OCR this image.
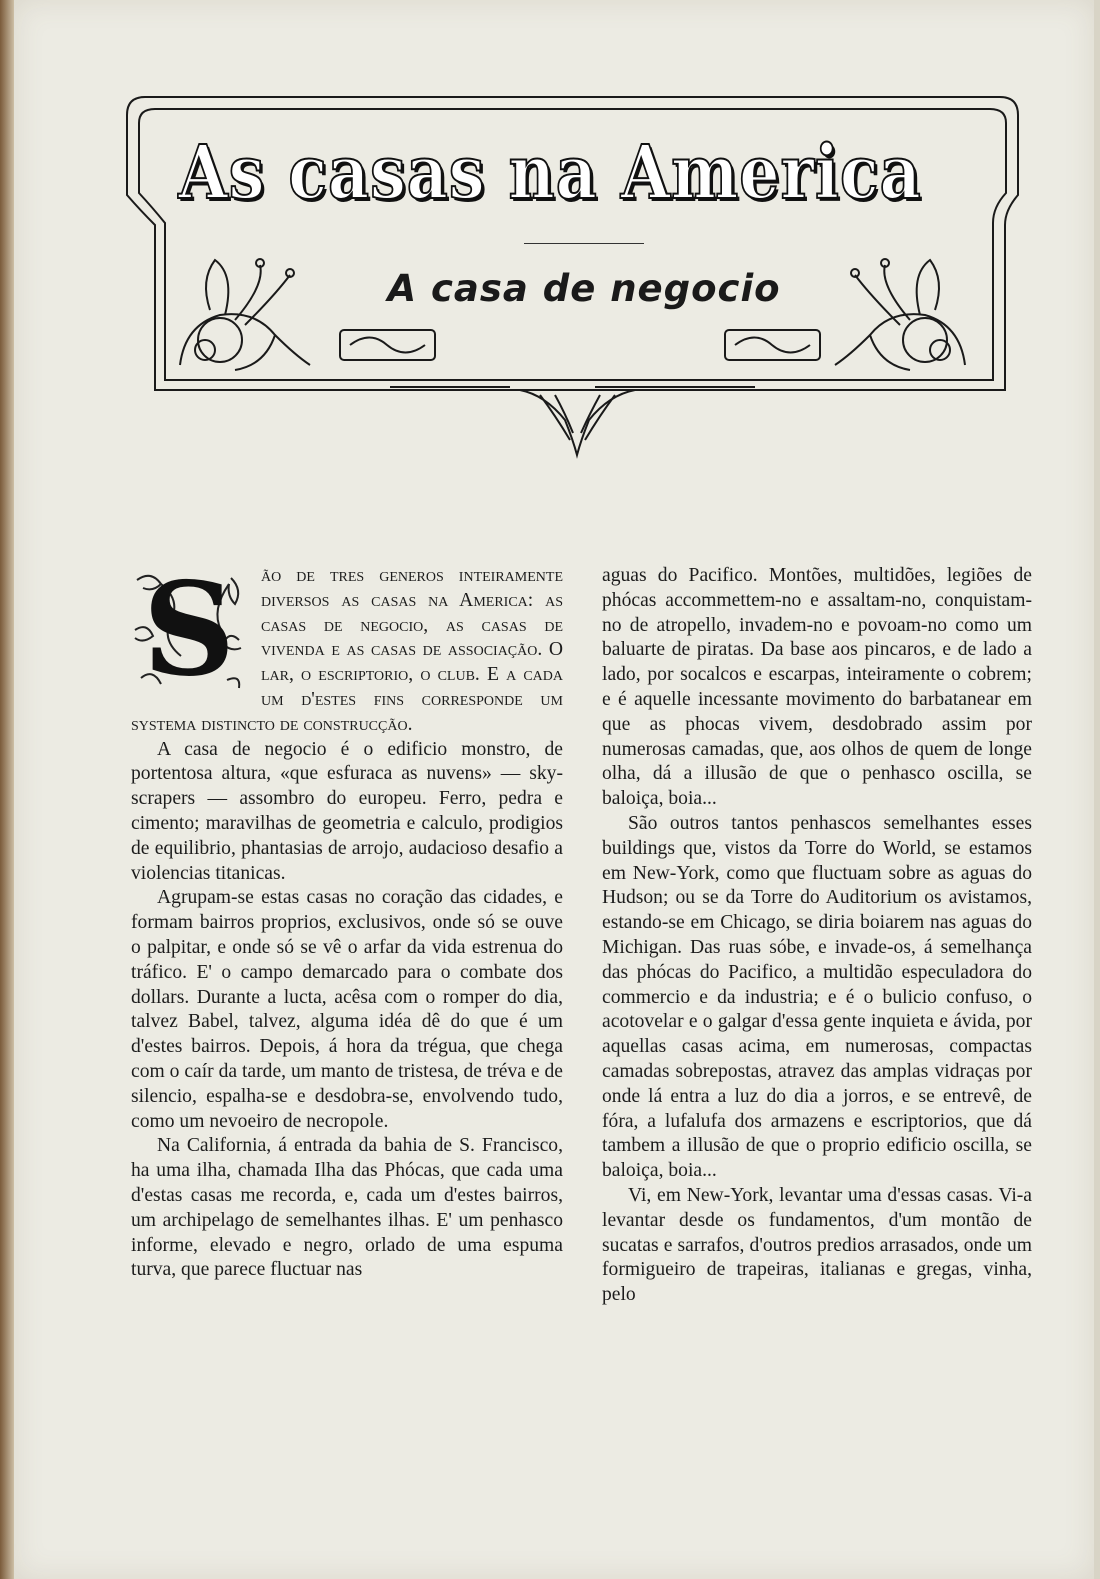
As casas na America
A casa de negocio
S	ão de tres generos inteiramente diversos as casas na America: as casas de negocio, as casas de vivenda e as casas de associação. O lar, o escriptorio, o club. E a cada um d'estes fins corresponde um systema distincto de construcção.

A casa de negocio é o edificio monstro, de portentosa altura, «que esfuraca as nuvens» — sky-scrapers — assombro do europeu. Ferro, pedra e cimento; maravilhas de geometria e calculo, prodigios de equilibrio, phantasias de arrojo, audacioso desafio a violencias titanicas.

Agrupam-se estas casas no coração das cidades, e formam bairros proprios, exclusivos, onde só se ouve o palpitar, e onde só se vê o arfar da vida estrenua do tráfico. E' o campo demarcado para o combate dos dollars. Durante a lucta, acêsa com o romper do dia, talvez Babel, talvez, alguma idéa dê do que é um d'estes bairros. Depois, á hora da trégua, que chega com o caír da tarde, um manto de tristesa, de tréva e de silencio, espalha-se e desdobra-se, envolvendo tudo, como um nevoeiro de necropole.

Na California, á entrada da bahia de S. Francisco, ha uma ilha, chamada Ilha das Phócas, que cada uma d'estas casas me recorda, e, cada um d'estes bairros, um archipelago de semelhantes ilhas. E' um penhasco informe, elevado e negro, orlado de uma espuma turva, que parece fluctuar nas

aguas do Pacifico. Montões, multidões, legiões de phócas accommettem-no e assaltam-no, conquistam-no de atropello, invadem-no e povoam-no como um baluarte de piratas. Da base aos pincaros, e de lado a lado, por socalcos e escarpas, inteiramente o cobrem; e é aquelle incessante movimento do barbatanear em que as phocas vivem, desdobrado assim por numerosas camadas, que, aos olhos de quem de longe olha, dá a illusão de que o penhasco oscilla, se baloiça, boia...

São outros tantos penhascos semelhantes esses buildings que, vistos da Torre do World, se estamos em New-York, como que fluctuam sobre as aguas do Hudson; ou se da Torre do Auditorium os avistamos, estando-se em Chicago, se diria boiarem nas aguas do Michigan. Das ruas sóbe, e invade-os, á semelhança das phócas do Pacifico, a multidão especuladora do commercio e da industria; e é o bulicio confuso, o acotovelar e o galgar d'essa gente inquieta e ávida, por aquellas casas acima, em numerosas, compactas camadas sobrepostas, atravez das amplas vidraças por onde lá entra a luz do dia a jorros, e se entrevê, de fóra, a lufalufa dos armazens e escriptorios, que dá tambem a illusão de que o proprio edificio oscilla, se baloiça, boia...

Vi, em New-York, levantar uma d'essas casas. Vi-a levantar desde os fundamentos, d'um montão de sucatas e sarrafos, d'outros predios arrasados, onde um formigueiro de trapeiras, italianas e gregas, vinha, pelo
